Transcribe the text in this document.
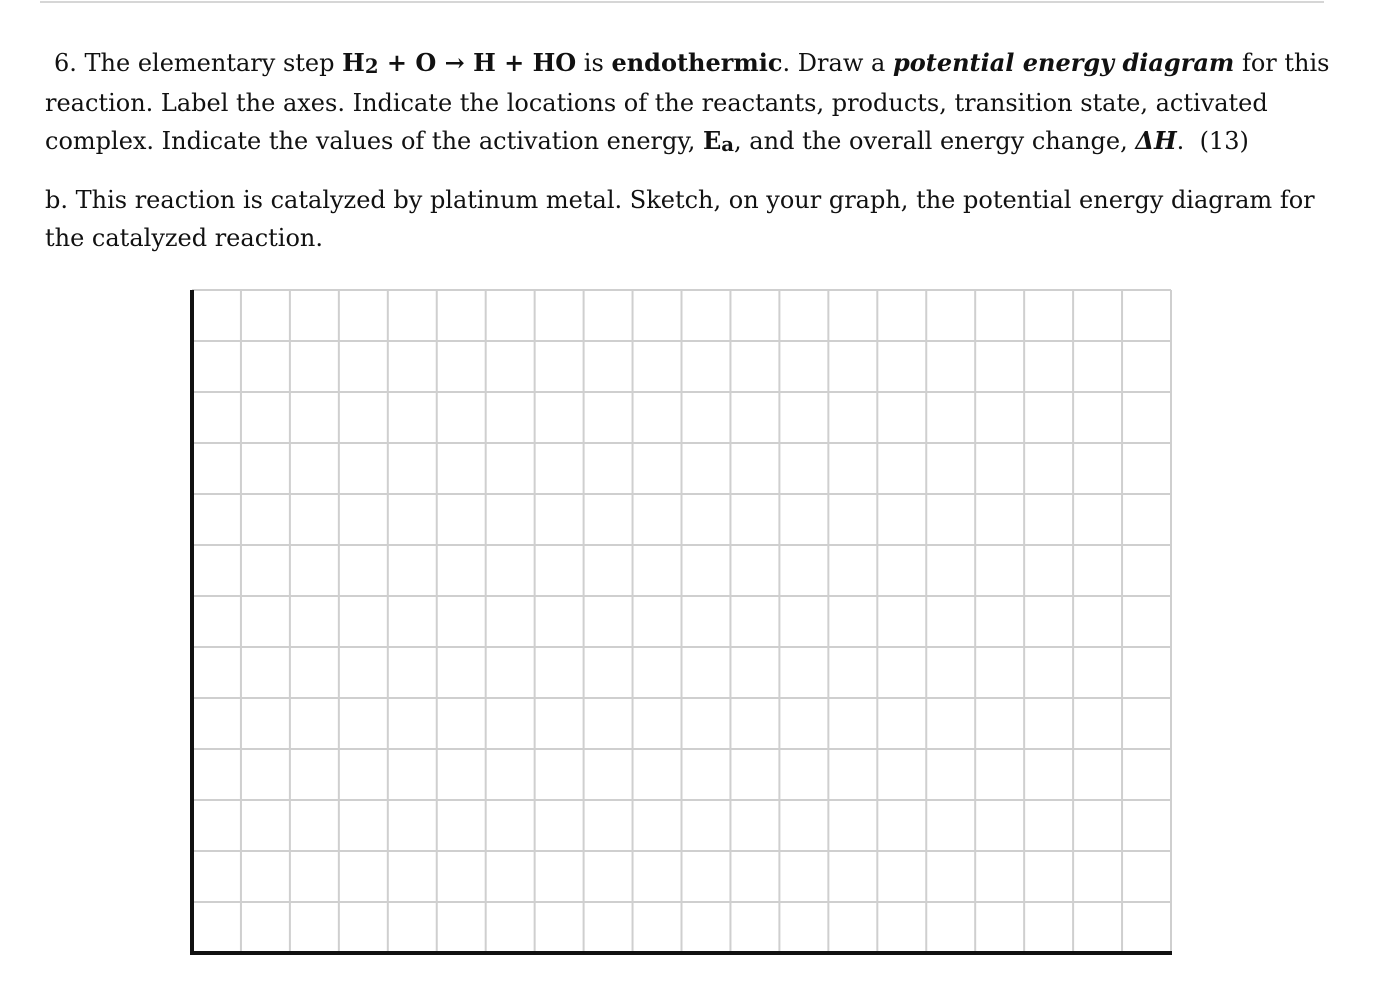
6. The elementary step H2 + O → H + HO is endothermic. Draw a potential energy diagram for this reaction. Label the axes. Indicate the locations of the reactants, products, transition state, activated complex. Indicate the values of the activation energy, Ea, and the overall energy change, ΔH. (13)

b. This reaction is catalyzed by platinum metal. Sketch, on your graph, the potential energy diagram for the catalyzed reaction.
